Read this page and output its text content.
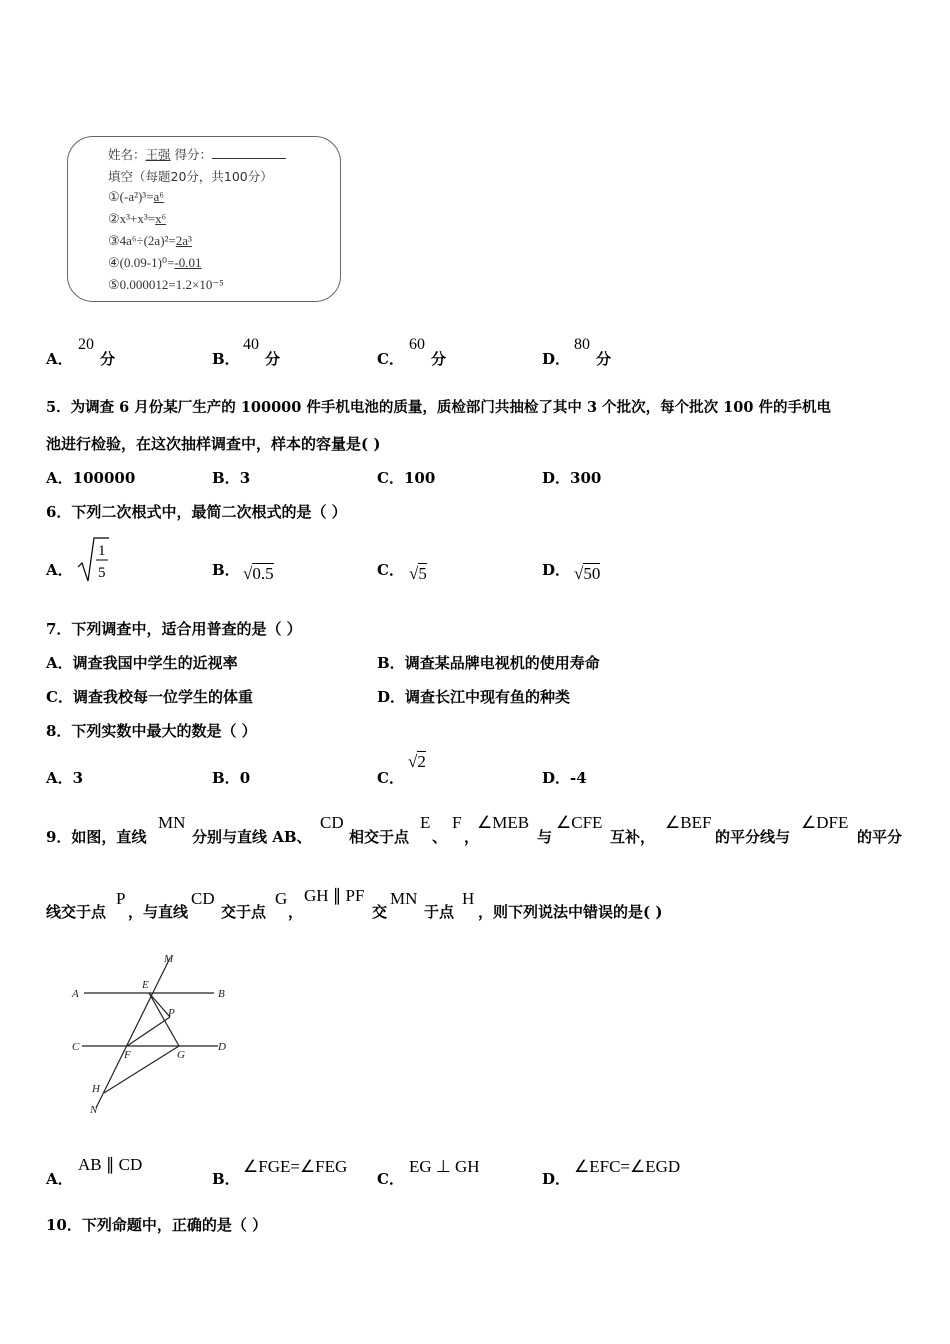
姓名：王强 得分：
填空（每题20分，共100分）
①(-a²)³=a⁶
②x³+x³=x⁶
③4a⁶÷(2a)²=2a³
④(0.09-1)⁰=-0.01
⑤0.000012=1.2×10⁻⁵
A．
20
分	B．
40
分	C．
60
分	D．
80
分
5．为调查 6 月份某厂生产的 100000 件手机电池的质量，质检部门共抽检了其中 3 个批次，每个批次 100 件的手机电
池进行检验，在这次抽样调查中，样本的容量是( )
A．100000	B．3	C．100	D．300
6．下列二次根式中，最简二次根式的是（ ）
A．
1
5	B． √0.5	C． √5	D． √50
7．下列调查中，适合用普查的是（ ）
A．调查我国中学生的近视率	B．调查某品牌电视机的使用寿命
C．调查我校每一位学生的体重	D．调查长江中现有鱼的种类
8．下列实数中最大的数是（ ）
A．3	B．0	C．
√2
D．-4
9．如图，直线
MN
分别与直线 AB、
CD
相交于点
E
、
F
，
∠MEB
与
∠CFE
互补，
∠BEF
的平分线与
∠DFE
的平分
线交于点
P
，与直线
CD
交于点
G
，
GH ∥ PF
交
MN
于点
H
，则下列说法中错误的是( )
M
A
E
B
P
C
F	G
D
H
N
A．
AB ∥ CD
B．
∠FGE=∠FEG
C．
EG ⊥ GH
D．
∠EFC=∠EGD
10．下列命题中，正确的是（ ）
